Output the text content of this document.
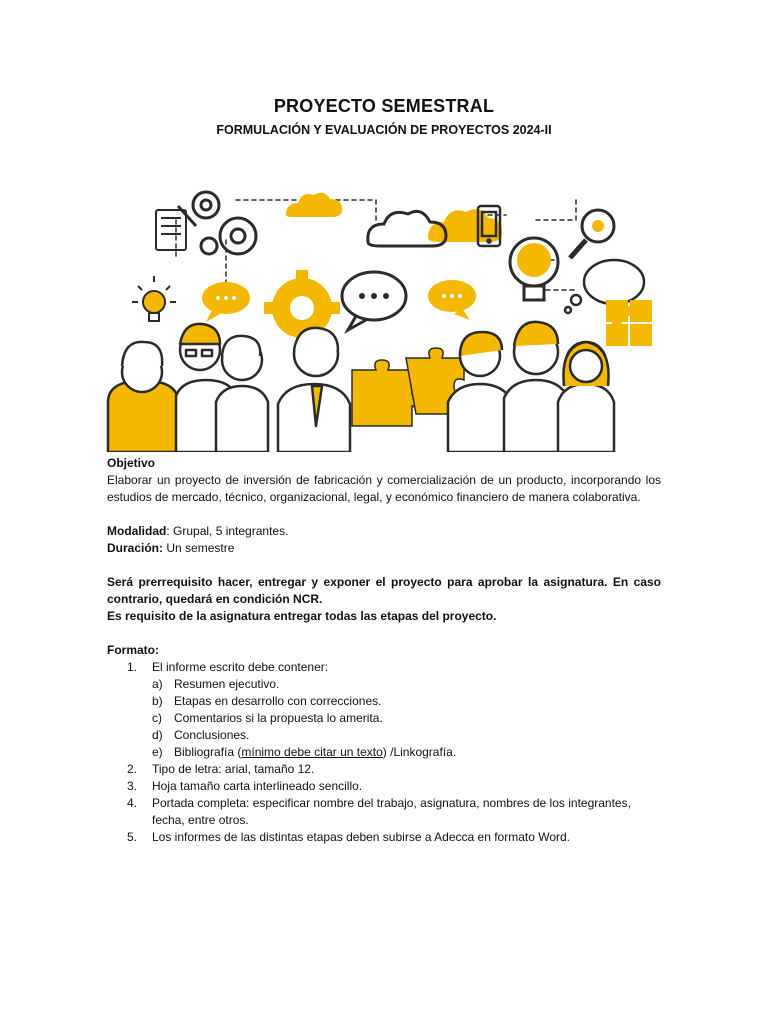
PROYECTO SEMESTRAL
FORMULACIÓN Y EVALUACIÓN DE PROYECTOS 2024-II

Objetivo

Elaborar un proyecto de inversión de fabricación y comercialización de un producto, incorporando los estudios de mercado, técnico, organizacional, legal, y económico financiero de manera colaborativa.

Modalidad: Grupal, 5 integrantes.

Duración: Un semestre

Será prerrequisito hacer, entregar y exponer el proyecto para aprobar la asignatura. En caso contrario, quedará en condición NCR.

Es requisito de la asignatura entregar todas las etapas del proyecto.

Formato:

1. El informe escrito debe contener:
a) Resumen ejecutivo.
b) Etapas en desarrollo con correcciones.
c) Comentarios si la propuesta lo amerita.
d) Conclusiones.
e) Bibliografía (mínimo debe citar un texto) /Linkografía.
2. Tipo de letra: arial, tamaño 12.
3. Hoja tamaño carta interlineado sencillo.
4. Portada completa: especificar nombre del trabajo, asignatura, nombres de los integrantes, fecha, entre otros.
5. Los informes de las distintas etapas deben subirse a Adecca en formato Word.
